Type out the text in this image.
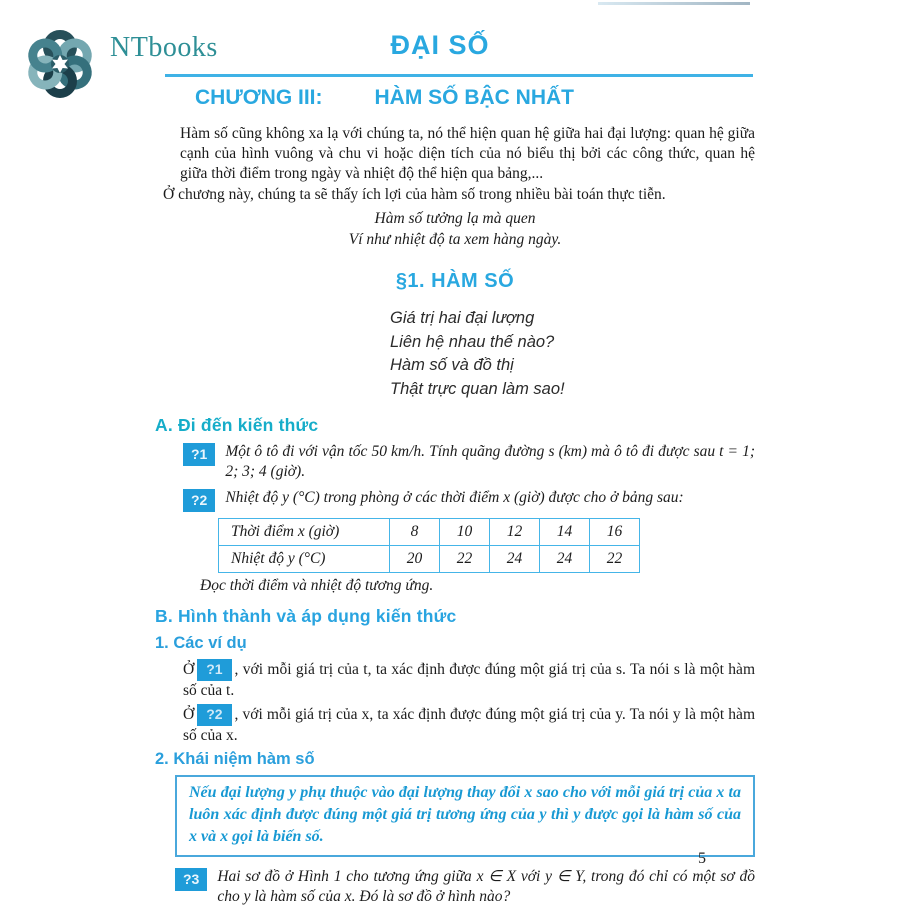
NTbooks	ĐẠI SỐ
CHƯƠNG III: HÀM SỐ BẬC NHẤT

Hàm số cũng không xa lạ với chúng ta, nó thể hiện quan hệ giữa hai đại lượng: quan hệ giữa cạnh của hình vuông và chu vi hoặc diện tích của nó biểu thị bởi các công thức, quan hệ giữa thời điểm trong ngày và nhiệt độ thể hiện qua bảng,...

Ở chương này, chúng ta sẽ thấy ích lợi của hàm số trong nhiều bài toán thực tiễn.

Hàm số tưởng lạ mà quen
Ví như nhiệt độ ta xem hàng ngày.
§1. HÀM SỐ
Giá trị hai đại lượng
Liên hệ nhau thế nào?
Hàm số và đồ thị
Thật trực quan làm sao!
A. Đi đến kiến thức
?1	Một ô tô đi với vận tốc 50 km/h. Tính quãng đường s (km) mà ô tô đi được sau t = 1; 2; 3; 4 (giờ).
?2	Nhiệt độ y (°C) trong phòng ở các thời điểm x (giờ) được cho ở bảng sau:
Thời điểm x (giờ)	8	10	12	14	16
Nhiệt độ y (°C)	20	22	24	24	22
Đọc thời điểm và nhiệt độ tương ứng.
B. Hình thành và áp dụng kiến thức
1. Các ví dụ

Ở ?1 , với mỗi giá trị của t, ta xác định được đúng một giá trị của s. Ta nói s là một hàm số của t.

Ở ?2 , với mỗi giá trị của x, ta xác định được đúng một giá trị của y. Ta nói y là một hàm số của x.

2. Khái niệm hàm số
Nếu đại lượng y phụ thuộc vào đại lượng thay đổi x sao cho với mỗi giá trị của x ta luôn xác định được đúng một giá trị tương ứng của y thì y được gọi là hàm số của x và x gọi là biến số.
?3	Hai sơ đồ ở Hình 1 cho tương ứng giữa x ∈ X với y ∈ Y, trong đó chỉ có một sơ đồ cho y là hàm số của x. Đó là sơ đồ ở hình nào?
5
